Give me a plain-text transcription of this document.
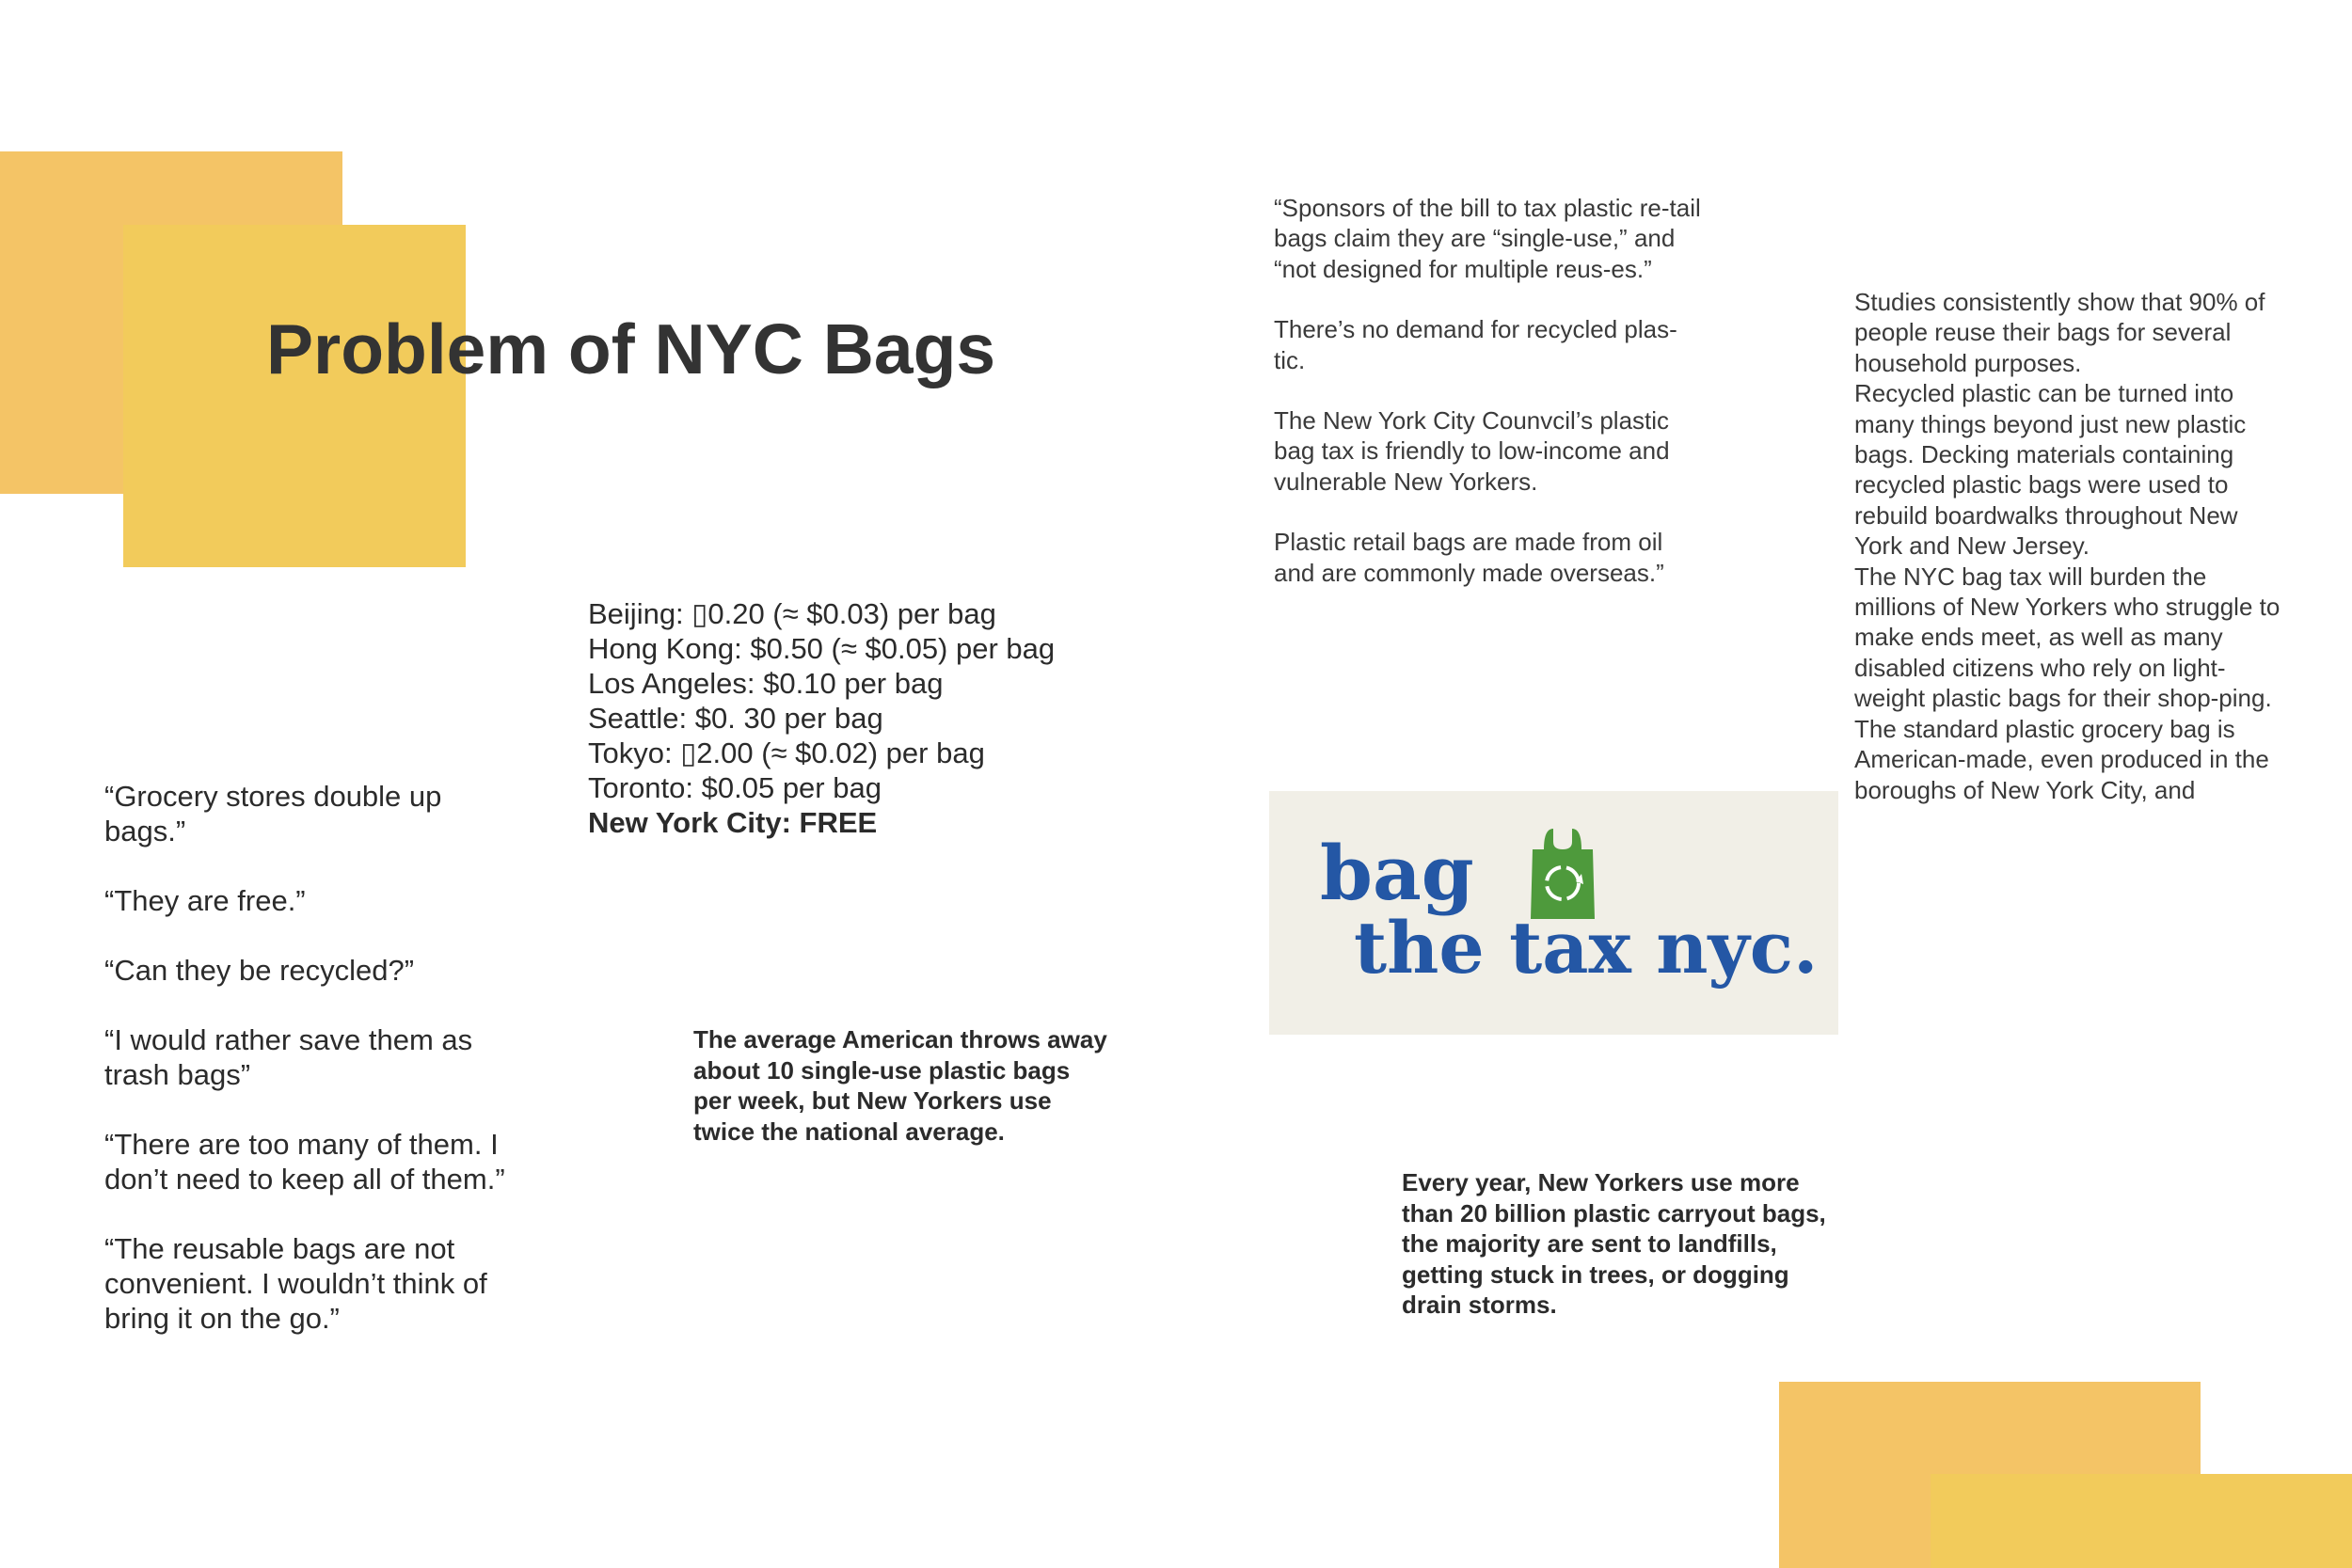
Problem of NYC Bags

“Grocery stores double up bags.”

“They are free.”

“Can they be recycled?”

“I would rather save them as trash bags”

“There are too many of them. I don’t need to keep all of them.”

“The reusable bags are not convenient. I wouldn’t think of bring it on the go.”

Beijing: ▯0.20 (≈ $0.03) per bag
Hong Kong: $0.50 (≈ $0.05) per bag
Los Angeles: $0.10 per bag
Seattle: $0. 30 per bag
Tokyo: ▯2.00 (≈ $0.02) per bag
Toronto: $0.05 per bag
New York City: FREE
The average American throws away about 10 single-use plastic bags per week, but New Yorkers use twice the national average.
Every year, New Yorkers use more than 20 billion plastic carryout bags, the majority are sent to landfills, getting stuck in trees, or dogging drain storms.

“Sponsors of the bill to tax plastic re-tail bags claim they are “single-use,” and “not designed for multiple reus-es.”

There’s no demand for recycled plas-tic.

The New York City Counvcil’s plastic bag tax is friendly to low-income and vulnerable New Yorkers.

Plastic retail bags are made from oil and are commonly made overseas.”

Studies consistently show that 90% of people reuse their bags for several household purposes.

Recycled plastic can be turned into many things beyond just new plastic bags. Decking materials containing recycled plastic bags were used to rebuild boardwalks throughout New York and New Jersey.

The NYC bag tax will burden the millions of New Yorkers who struggle to make ends meet, as well as many disabled citizens who rely on light-weight plastic bags for their shop-ping.

The standard plastic grocery bag is American-made, even produced in the boroughs of New York City, and

bag
the tax nyc.
